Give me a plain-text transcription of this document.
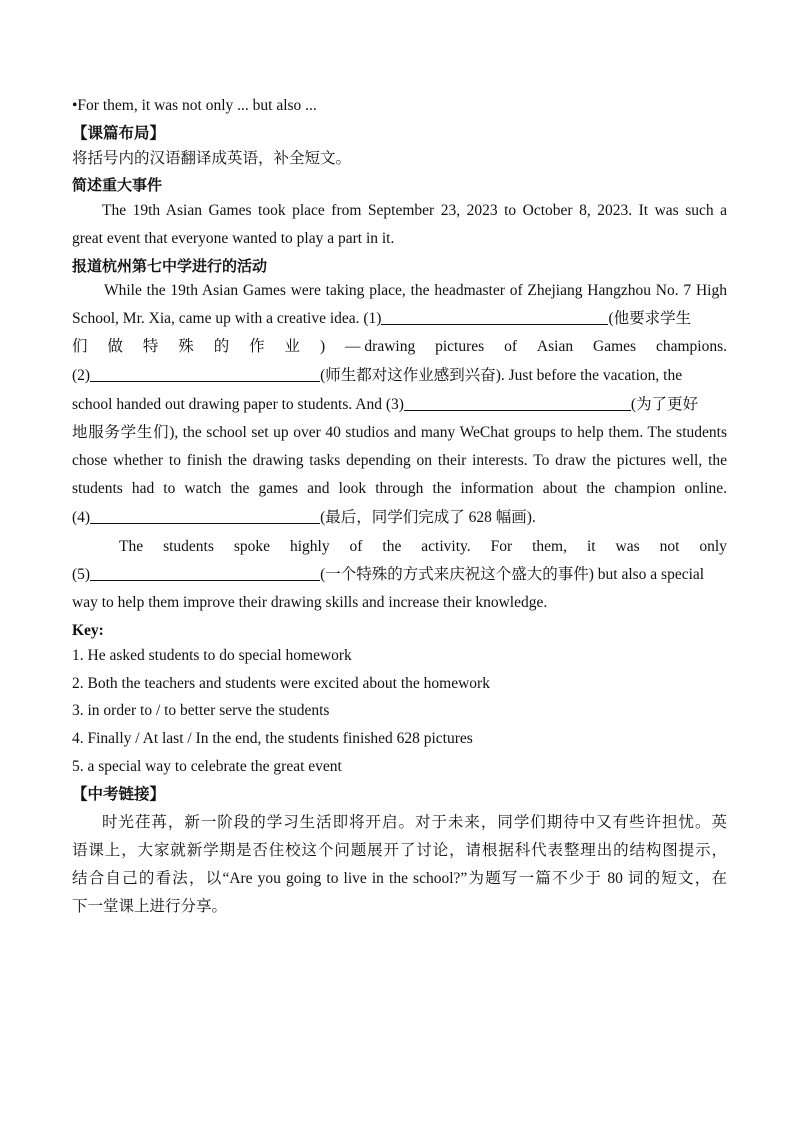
•For them, it was not only ... but also ...
【课篇布局】
将括号内的汉语翻译成英语，补全短文。
简述重大事件
The 19th Asian Games took place from September 23, 2023 to October 8, 2023. It was such a
great event that everyone wanted to play a part in it.
报道杭州第七中学进行的活动
While the 19th Asian Games were taking place, the headmaster of Zhejiang Hangzhou No. 7 High
School, Mr. Xia, came up with a creative idea. (1)	(他要求学生
们 做 特 殊 的 作 业 ) — drawing pictures of Asian Games champions.
(2)	(师生都对这作业感到兴奋). Just before the vacation, the
school handed out drawing paper to students. And (3)	(为了更好
地服务学生们), the school set up over 40 studios and many WeChat groups to help them. The students
chose whether to finish the drawing tasks depending on their interests. To draw the pictures well, the
students had to watch the games and look through the information about the champion online.
(4)	(最后，同学们完成了 628 幅画).
The students spoke highly of the activity. For them, it was not only
(5)	(一个特殊的方式来庆祝这个盛大的事件) but also a special
way to help them improve their drawing skills and increase their knowledge.
Key:
1. He asked students to do special homework
2. Both the teachers and students were excited about the homework
3. in order to / to better serve the students
4. Finally / At last / In the end, the students finished 628 pictures
5. a special way to celebrate the great event
【中考链接】
时光荏苒，新一阶段的学习生活即将开启。对于未来，同学们期待中又有些许担忧。英
语课上，大家就新学期是否住校这个问题展开了讨论，请根据科代表整理出的结构图提示，
结合自己的看法，以“Are you going to live in the school?”为题写一篇不少于 80 词的短文，在
下一堂课上进行分享。
